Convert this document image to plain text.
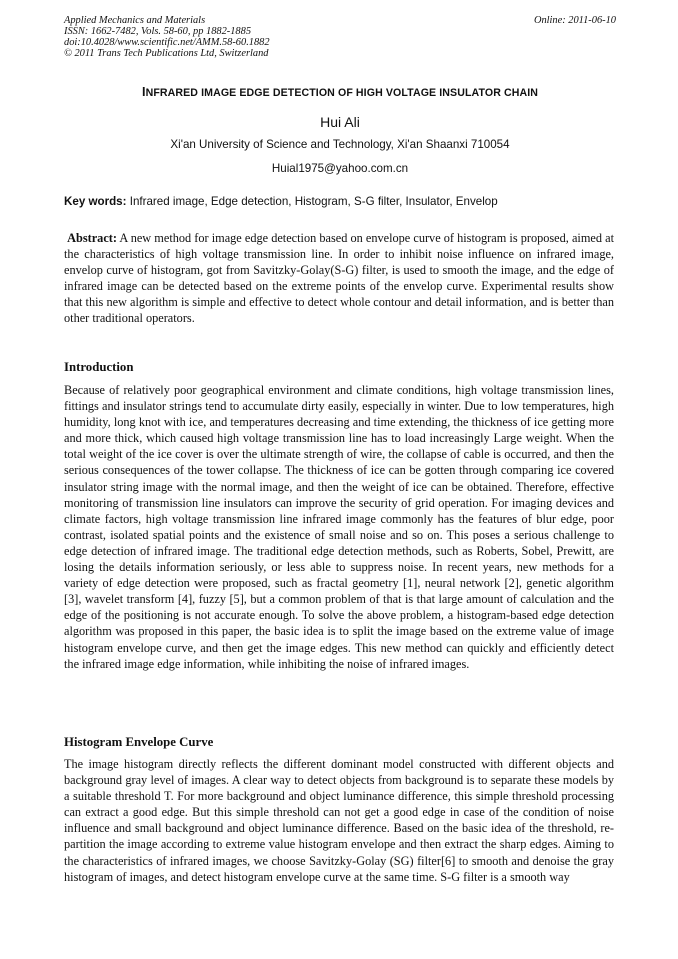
Applied Mechanics and Materials	Online: 2011-06-10
ISSN: 1662-7482, Vols. 58-60, pp 1882-1885
doi:10.4028/www.scientific.net/AMM.58-60.1882
© 2011 Trans Tech Publications Ltd, Switzerland
INFRARED IMAGE EDGE DETECTION OF HIGH VOLTAGE INSULATOR CHAIN
Hui Ali
Xi'an University of Science and Technology, Xi'an Shaanxi 710054
Huial1975@yahoo.com.cn
Key words: Infrared image, Edge detection, Histogram, S-G filter, Insulator, Envelop

Abstract: A new method for image edge detection based on envelope curve of histogram is proposed, aimed at the characteristics of high voltage transmission line. In order to inhibit noise influence on infrared image, envelop curve of histogram, got from Savitzky-Golay(S-G) filter, is used to smooth the image, and the edge of infrared image can be detected based on the extreme points of the envelop curve. Experimental results show that this new algorithm is simple and effective to detect whole contour and detail information, and is better than other traditional operators.

Introduction

Because of relatively poor geographical environment and climate conditions, high voltage transmission lines, fittings and insulator strings tend to accumulate dirty easily, especially in winter. Due to low temperatures, high humidity, long knot with ice, and temperatures decreasing and time extending, the thickness of ice getting more and more thick, which caused high voltage transmission line has to load increasingly Large weight. When the total weight of the ice cover is over the ultimate strength of wire, the collapse of cable is occurred, and then the serious consequences of the tower collapse. The thickness of ice can be gotten through comparing ice covered insulator string image with the normal image, and then the weight of ice can be obtained. Therefore, effective monitoring of transmission line insulators can improve the security of grid operation. For imaging devices and climate factors, high voltage transmission line infrared image commonly has the features of blur edge, poor contrast, isolated spatial points and the existence of small noise and so on. This poses a serious challenge to edge detection of infrared image. The traditional edge detection methods, such as Roberts, Sobel, Prewitt, are losing the details information seriously, or less able to suppress noise. In recent years, new methods for a variety of edge detection were proposed, such as fractal geometry [1], neural network [2], genetic algorithm [3], wavelet transform [4], fuzzy [5], but a common problem of that is that large amount of calculation and the edge of the positioning is not accurate enough. To solve the above problem, a histogram-based edge detection algorithm was proposed in this paper, the basic idea is to split the image based on the extreme value of image histogram envelope curve, and then get the image edges. This new method can quickly and efficiently detect the infrared image edge information, while inhibiting the noise of infrared images.

Histogram Envelope Curve

The image histogram directly reflects the different dominant model constructed with different objects and background gray level of images. A clear way to detect objects from background is to separate these models by a suitable threshold T. For more background and object luminance difference, this simple threshold processing can extract a good edge. But this simple threshold can not get a good edge in case of the condition of noise influence and small background and object luminance difference. Based on the basic idea of the threshold, re-partition the image according to extreme value histogram envelope and then extract the sharp edges. Aiming to the characteristics of infrared images, we choose Savitzky-Golay (SG) filter[6] to smooth and denoise the gray histogram of images, and detect histogram envelope curve at the same time. S-G filter is a smooth way
